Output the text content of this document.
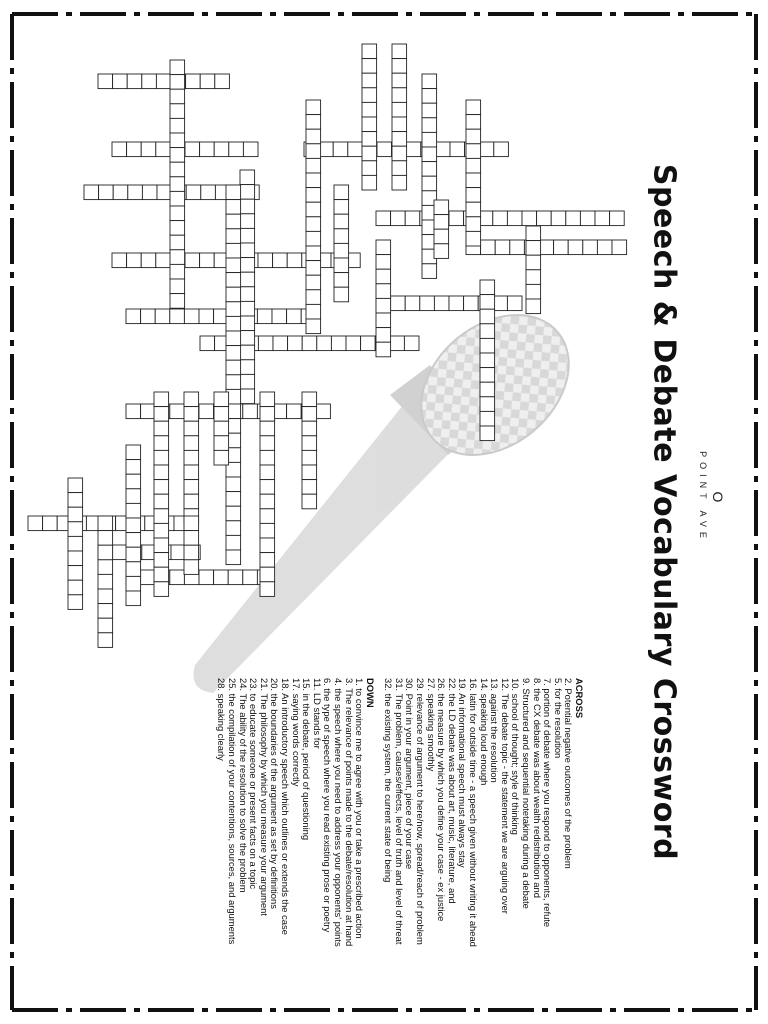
Speech & Debate Vocabulary Crossword O
POINT AVE
ACROSS
2. Potential negative outcomes of the problem
5. for the resolution
7. portion of debate where you respond to opponents, refute
8. the CX debate was about wealth redistribution and
9. Structured and sequential notetaking during a debate
10. school of thought; style of thinking
12. The debate topic - the statement we are arguing over
13. against the resolution
14. speaking loud enough
16. latin for outside time - a speech given without writing it ahead
19. An informational speech must always stay
22. the LD debate was about art, music, literature, and
26. the measure by which you define your case - ex justice
27. speaking smoothly
29. relevance of argument to here/now, spread/reach of problem
30. Point in your argument, piece of your case
31. The problem, causes/effects, level of truth and level of threat
32. the existing system, the current state of being
DOWN
1. to convince me to agree with you or take a prescribed action
3. The relevance of points made to the debate/resolution at hand
4. the speech where you need to address your opponents' points
6. the type of speech where you read existing prose or poetry
11. LD stands for
15. in the debate, period of questioning
17. saying words correctly
18. An introductory speech which outlines or extends the case
20. the boundaries of the argument as set by definitions
21. The philosophy by which you measure your argument
23. to educate someone or present facts on a topic
24. The ability of the resolution to solve the problem
25. the compilation of your contentions, sources, and arguments
28. speaking clearly
